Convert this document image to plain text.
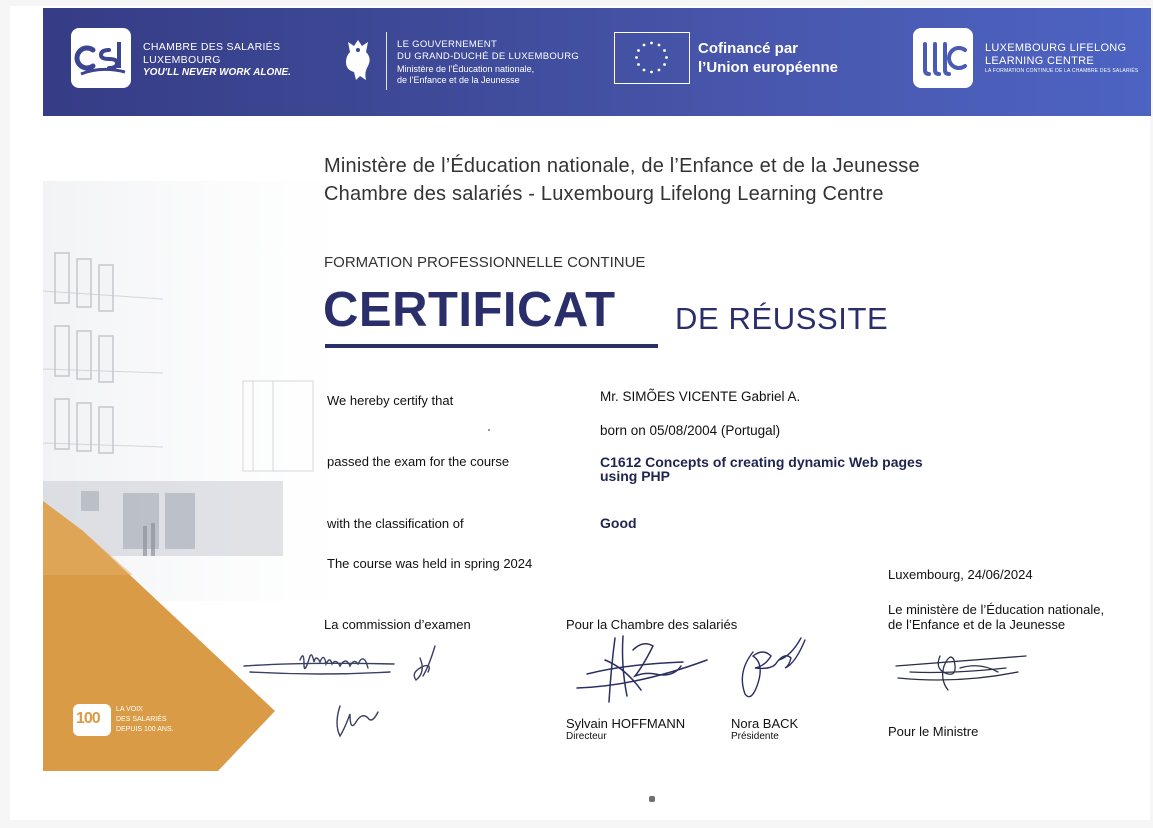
CHAMBRE DES SALARIÉS
LUXEMBOURG
YOU'LL NEVER WORK ALONE.
LE GOUVERNEMENT
DU GRAND-DUCHÉ DE LUXEMBOURG
Ministère de l’Éducation nationale,
de l’Enfance et de la Jeunesse
Cofinancé par
l’Union européenne
LUXEMBOURG LIFELONG
LEARNING CENTRE
LA FORMATION CONTINUE DE LA CHAMBRE DES SALARIÉS
100
LA VOIX
DES SALARIÉS
DEPUIS 100 ANS.
Ministère de l’Éducation nationale, de l’Enfance et de la Jeunesse
Chambre des salariés - Luxembourg Lifelong Learning Centre
FORMATION PROFESSIONNELLE CONTINUE
CERTIFICAT DE RÉUSSITE
We hereby certify that	Mr. SIMÕES VICENTE Gabriel A.
born on 05/08/2004 (Portugal)
passed the exam for the course	C1612 Concepts of creating dynamic Web pages
using PHP
with the classification of	Good
The course was held in spring 2024
Luxembourg, 24/06/2024
La commission d’examen	Pour la Chambre des salariés
Le ministère de l’Éducation nationale,
de l’Enfance et de la Jeunesse
Sylvain HOFFMANN
Directeur
Nora BACK
Présidente	Pour le Ministre
